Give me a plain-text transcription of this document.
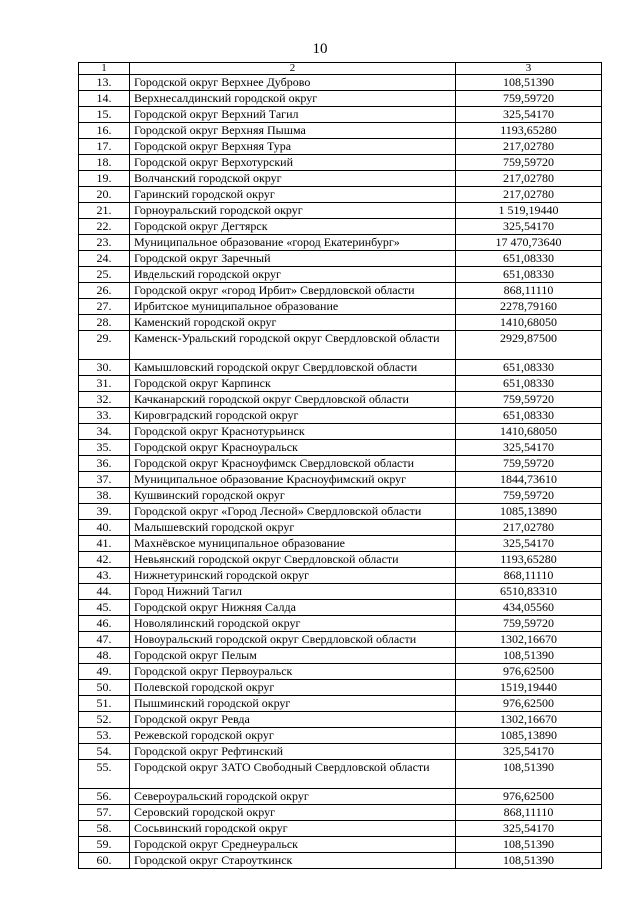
10
1	2	3
13.	Городской округ Верхнее Дуброво	108,51390
14.	Верхнесалдинский городской округ	759,59720
15.	Городской округ Верхний Тагил	325,54170
16.	Городской округ Верхняя Пышма	1193,65280
17.	Городской округ Верхняя Тура	217,02780
18.	Городской округ Верхотурский	759,59720
19.	Волчанский городской округ	217,02780
20.	Гаринский городской округ	217,02780
21.	Горноуральский городской округ	1 519,19440
22.	Городской округ Дегтярск	325,54170
23.	Муниципальное образование «город Екатеринбург»	17 470,73640
24.	Городской округ Заречный	651,08330
25.	Ивдельский городской округ	651,08330
26.	Городской округ «город Ирбит» Свердловской области	868,11110
27.	Ирбитское муниципальное образование	2278,79160
28.	Каменский городской округ	1410,68050
29.	Каменск-Уральский городской округ Свердловской области	2929,87500
30.	Камышловский городской округ Свердловской области	651,08330
31.	Городской округ Карпинск	651,08330
32.	Качканарский городской округ Свердловской области	759,59720
33.	Кировградский городской округ	651,08330
34.	Городской округ Краснотурьинск	1410,68050
35.	Городской округ Красноуральск	325,54170
36.	Городской округ Красноуфимск Свердловской области	759,59720
37.	Муниципальное образование Красноуфимский округ	1844,73610
38.	Кушвинский городской округ	759,59720
39.	Городской округ «Город Лесной» Свердловской области	1085,13890
40.	Малышевский городской округ	217,02780
41.	Махнёвское муниципальное образование	325,54170
42.	Невьянский городской округ Свердловской области	1193,65280
43.	Нижнетуринский городской округ	868,11110
44.	Город Нижний Тагил	6510,83310
45.	Городской округ Нижняя Салда	434,05560
46.	Новолялинский городской округ	759,59720
47.	Новоуральский городской округ Свердловской области	1302,16670
48.	Городской округ Пелым	108,51390
49.	Городской округ Первоуральск	976,62500
50.	Полевской городской округ	1519,19440
51.	Пышминский городской округ	976,62500
52.	Городской округ Ревда	1302,16670
53.	Режевской городской округ	1085,13890
54.	Городской округ Рефтинский	325,54170
55.	Городской округ ЗАТО Свободный Свердловской области	108,51390
56.	Североуральский городской округ	976,62500
57.	Серовский городской округ	868,11110
58.	Сосьвинский городской округ	325,54170
59.	Городской округ Среднеуральск	108,51390
60.	Городской округ Староуткинск	108,51390
